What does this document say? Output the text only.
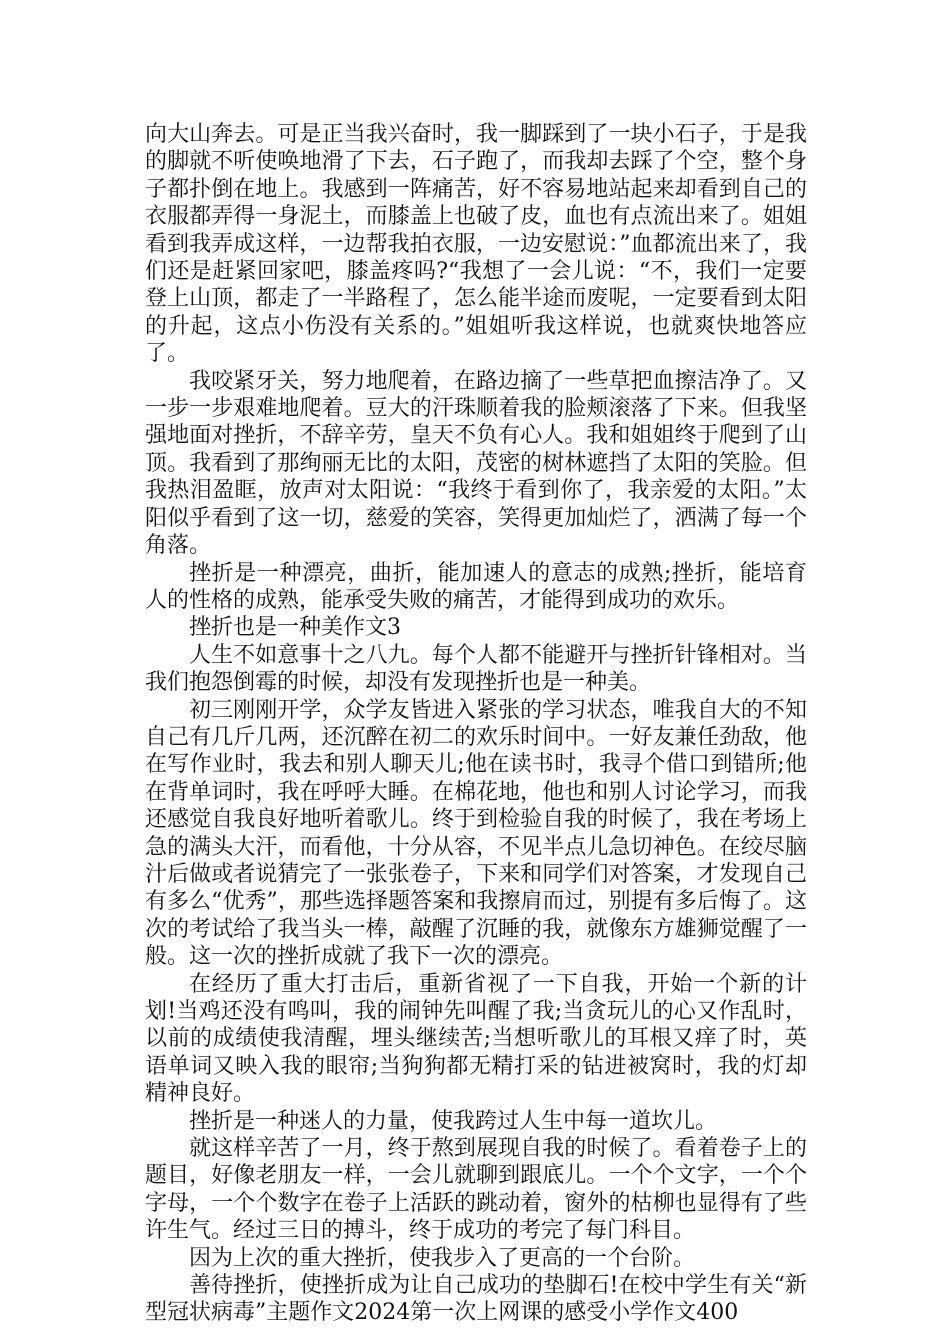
向大山奔去。可是正当我兴奋时，我一脚踩到了一块小石子，于是我的脚就不听使唤地滑了下去，石子跑了，而我却去踩了个空，整个身子都扑倒在地上。我感到一阵痛苦，好不容易地站起来却看到自己的衣服都弄得一身泥土，而膝盖上也破了皮，血也有点流出来了。姐姐看到我弄成这样，一边帮我拍衣服，一边安慰说：”血都流出来了，我们还是赶紧回家吧，膝盖疼吗?“我想了一会儿说：“不，我们一定要登上山顶，都走了一半路程了，怎么能半途而废呢，一定要看到太阳的升起，这点小伤没有关系的。”姐姐听我这样说，也就爽快地答应了。

我咬紧牙关，努力地爬着，在路边摘了一些草把血擦洁净了。又一步一步艰难地爬着。豆大的汗珠顺着我的脸颊滚落了下来。但我坚强地面对挫折，不辞辛劳，皇天不负有心人。我和姐姐终于爬到了山顶。我看到了那绚丽无比的太阳，茂密的树林遮挡了太阳的笑脸。但我热泪盈眶，放声对太阳说：“我终于看到你了，我亲爱的太阳。”太阳似乎看到了这一切，慈爱的笑容，笑得更加灿烂了，洒满了每一个角落。

挫折是一种漂亮，曲折，能加速人的意志的成熟;挫折，能培育人的性格的成熟，能承受失败的痛苦，才能得到成功的欢乐。

挫折也是一种美作文3

人生不如意事十之八九。每个人都不能避开与挫折针锋相对。当我们抱怨倒霉的时候，却没有发现挫折也是一种美。

初三刚刚开学，众学友皆进入紧张的学习状态，唯我自大的不知自己有几斤几两，还沉醉在初二的欢乐时间中。一好友兼任劲敌，他在写作业时，我去和别人聊天儿;他在读书时，我寻个借口到错所;他在背单词时，我在呼呼大睡。在棉花地，他也和别人讨论学习，而我还感觉自我良好地听着歌儿。终于到检验自我的时候了，我在考场上急的满头大汗，而看他，十分从容，不见半点儿急切神色。在绞尽脑汁后做或者说猜完了一张张卷子，下来和同学们对答案，才发现自己有多么“优秀”，那些选择题答案和我擦肩而过，别提有多后悔了。这次的考试给了我当头一棒，敲醒了沉睡的我，就像东方雄狮觉醒了一般。这一次的挫折成就了我下一次的漂亮。

在经历了重大打击后，重新省视了一下自我，开始一个新的计划!当鸡还没有鸣叫，我的闹钟先叫醒了我;当贪玩儿的心又作乱时，以前的成绩使我清醒，埋头继续苦;当想听歌儿的耳根又痒了时，英语单词又映入我的眼帘;当狗狗都无精打采的钻进被窝时，我的灯却精神良好。

挫折是一种迷人的力量，使我跨过人生中每一道坎儿。

就这样辛苦了一月，终于熬到展现自我的时候了。看着卷子上的题目，好像老朋友一样，一会儿就聊到跟底儿。一个个文字，一个个字母，一个个数字在卷子上活跃的跳动着，窗外的枯柳也显得有了些许生气。经过三日的搏斗，终于成功的考完了每门科目。

因为上次的重大挫折，使我步入了更高的一个台阶。

善待挫折，使挫折成为让自己成功的垫脚石!在校中学生有关“新型冠状病毒”主题作文2024第一次上网课的感受小学作文400
